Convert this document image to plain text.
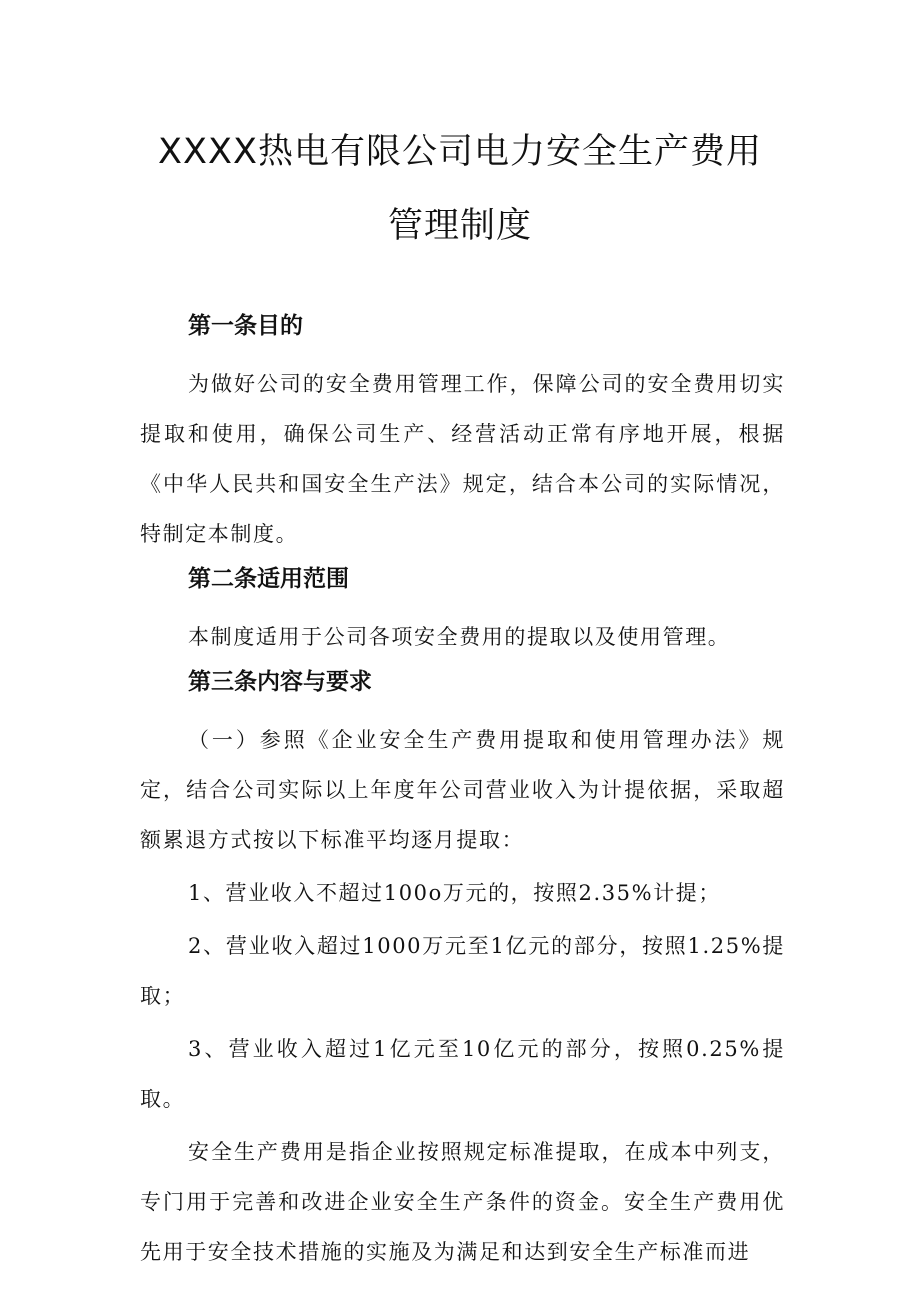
XXXX热电有限公司电力安全生产费用
管理制度
第一条目的

为做好公司的安全费用管理工作，保障公司的安全费用切实提取和使用，确保公司生产、经营活动正常有序地开展，根据《中华人民共和国安全生产法》规定，结合本公司的实际情况，特制定本制度。

第二条适用范围

本制度适用于公司各项安全费用的提取以及使用管理。

第三条内容与要求

（一）参照《企业安全生产费用提取和使用管理办法》规定，结合公司实际以上年度年公司营业收入为计提依据，采取超额累退方式按以下标准平均逐月提取：

1、营业收入不超过100o万元的，按照2.35%计提；

2、营业收入超过1000万元至1亿元的部分，按照1.25%提取；

3、营业收入超过1亿元至10亿元的部分，按照0.25%提取。

安全生产费用是指企业按照规定标准提取，在成本中列支，专门用于完善和改进企业安全生产条件的资金。安全生产费用优先用于安全技术措施的实施及为满足和达到安全生产标准而进
